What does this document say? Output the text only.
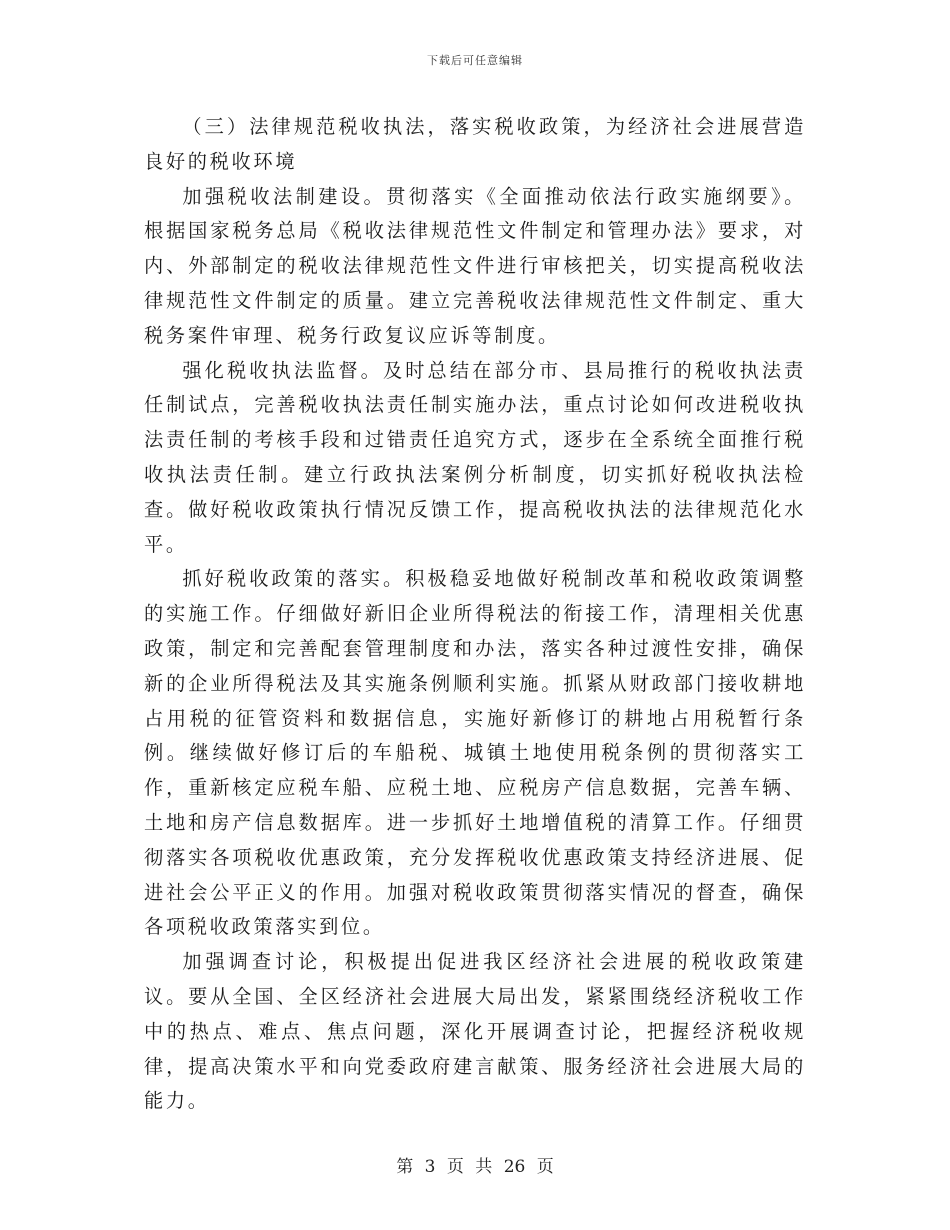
下载后可任意编辑

（三）法律规范税收执法，落实税收政策，为经济社会进展营造良好的税收环境

加强税收法制建设。贯彻落实《全面推动依法行政实施纲要》。根据国家税务总局《税收法律规范性文件制定和管理办法》要求，对内、外部制定的税收法律规范性文件进行审核把关，切实提高税收法律规范性文件制定的质量。建立完善税收法律规范性文件制定、重大税务案件审理、税务行政复议应诉等制度。

强化税收执法监督。及时总结在部分市、县局推行的税收执法责任制试点，完善税收执法责任制实施办法，重点讨论如何改进税收执法责任制的考核手段和过错责任追究方式，逐步在全系统全面推行税收执法责任制。建立行政执法案例分析制度，切实抓好税收执法检查。做好税收政策执行情况反馈工作，提高税收执法的法律规范化水平。

抓好税收政策的落实。积极稳妥地做好税制改革和税收政策调整的实施工作。仔细做好新旧企业所得税法的衔接工作，清理相关优惠政策，制定和完善配套管理制度和办法，落实各种过渡性安排，确保新的企业所得税法及其实施条例顺利实施。抓紧从财政部门接收耕地占用税的征管资料和数据信息，实施好新修订的耕地占用税暂行条例。继续做好修订后的车船税、城镇土地使用税条例的贯彻落实工作，重新核定应税车船、应税土地、应税房产信息数据，完善车辆、土地和房产信息数据库。进一步抓好土地增值税的清算工作。仔细贯彻落实各项税收优惠政策，充分发挥税收优惠政策支持经济进展、促进社会公平正义的作用。加强对税收政策贯彻落实情况的督查，确保各项税收政策落实到位。

加强调查讨论，积极提出促进我区经济社会进展的税收政策建议。要从全国、全区经济社会进展大局出发，紧紧围绕经济税收工作中的热点、难点、焦点问题，深化开展调查讨论，把握经济税收规律，提高决策水平和向党委政府建言献策、服务经济社会进展大局的能力。

第 3 页 共 26 页
